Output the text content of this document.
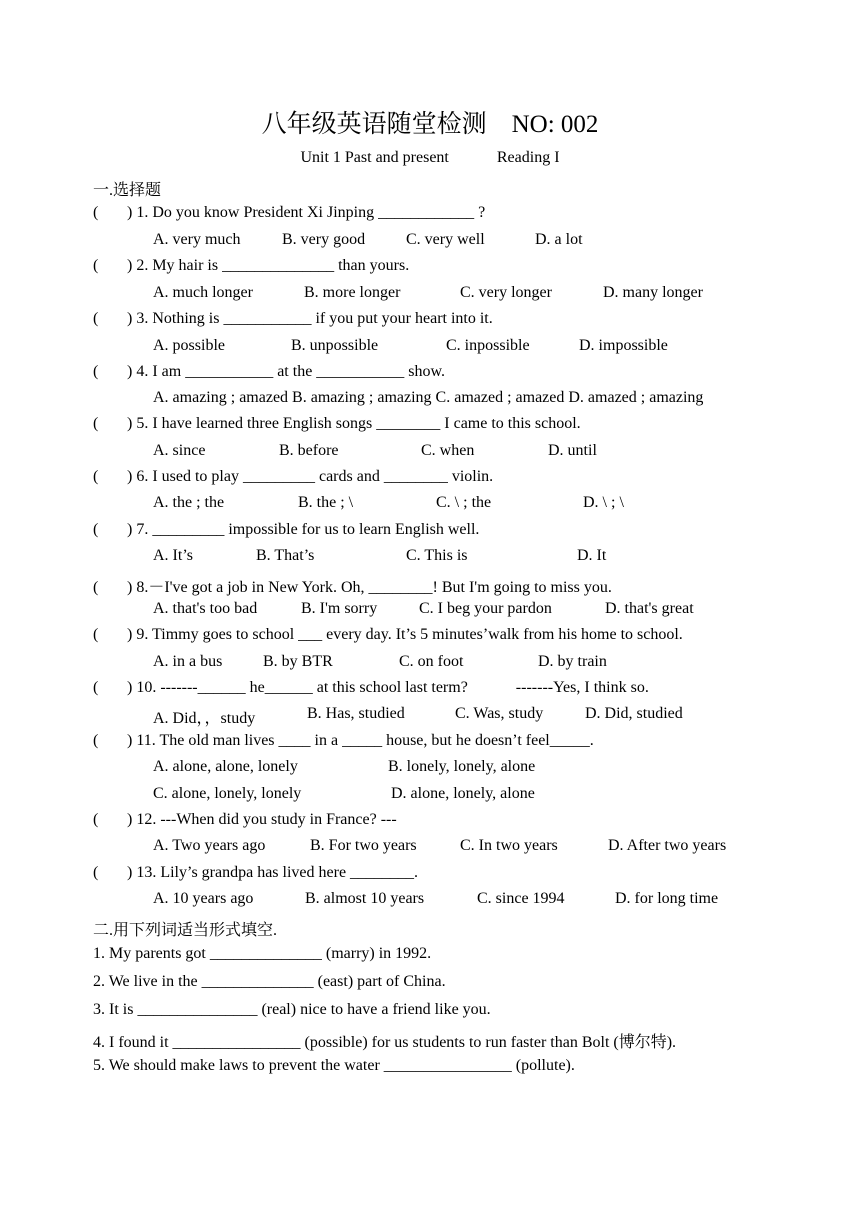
八年级英语随堂检测    NO: 002
Unit 1 Past and present            Reading I
一.选择题
( ) 1. Do you know President Xi Jinping ____________ ?
A. very much	B. very good	C. very well	D. a lot
( ) 2. My hair is ______________ than yours.
A. much longer	B. more longer	C. very longer	D. many longer
( ) 3. Nothing is ___________ if you put your heart into it.
A. possible	B. unpossible	C. inpossible	D. impossible
( ) 4. I am ___________ at the ___________ show.
A. amazing ; amazed B. amazing ; amazing C. amazed ; amazed D. amazed ; amazing
( ) 5. I have learned three English songs ________ I came to this school.
A. since	B. before	C. when	D. until
( ) 6. I used to play _________ cards and ________ violin.
A. the ; the	B. the ; \	C. \ ; the	D. \ ; \
( ) 7. _________ impossible for us to learn English well.
A. It’s	B. That’s	C. This is	D. It
( ) 8.－I've got a job in New York. Oh, ________! But I'm going to miss you.
A. that's too bad	B. I'm sorry	C. I beg your pardon	D. that's great
( ) 9. Timmy goes to school ___ every day. It’s 5 minutes’walk from his home to school.
A. in a bus	B. by BTR	C. on foot	D. by train
( ) 10. -------______ he______ at this school last term?            -------Yes, I think so.
A. Did，，study	B. Has, studied	C. Was, study	D. Did, studied
( ) 11. The old man lives ____ in a _____ house, but he doesn’t feel_____.
A. alone, alone, lonely	B. lonely, lonely, alone
C. alone, lonely, lonely	D. alone, lonely, alone
( ) 12. ---When did you study in France? ---
A. Two years ago	B. For two years	C. In two years	D. After two years
( ) 13. Lily’s grandpa has lived here ________.
A. 10 years ago	B. almost 10 years	C. since 1994	D. for long time
二.用下列词适当形式填空.
1. My parents got ______________ (marry) in 1992.
2. We live in the ______________ (east) part of China.
3. It is _______________ (real) nice to have a friend like you.
4. I found it ________________ (possible) for us students to run faster than Bolt (博尔特).
5. We should make laws to prevent the water ________________ (pollute).
